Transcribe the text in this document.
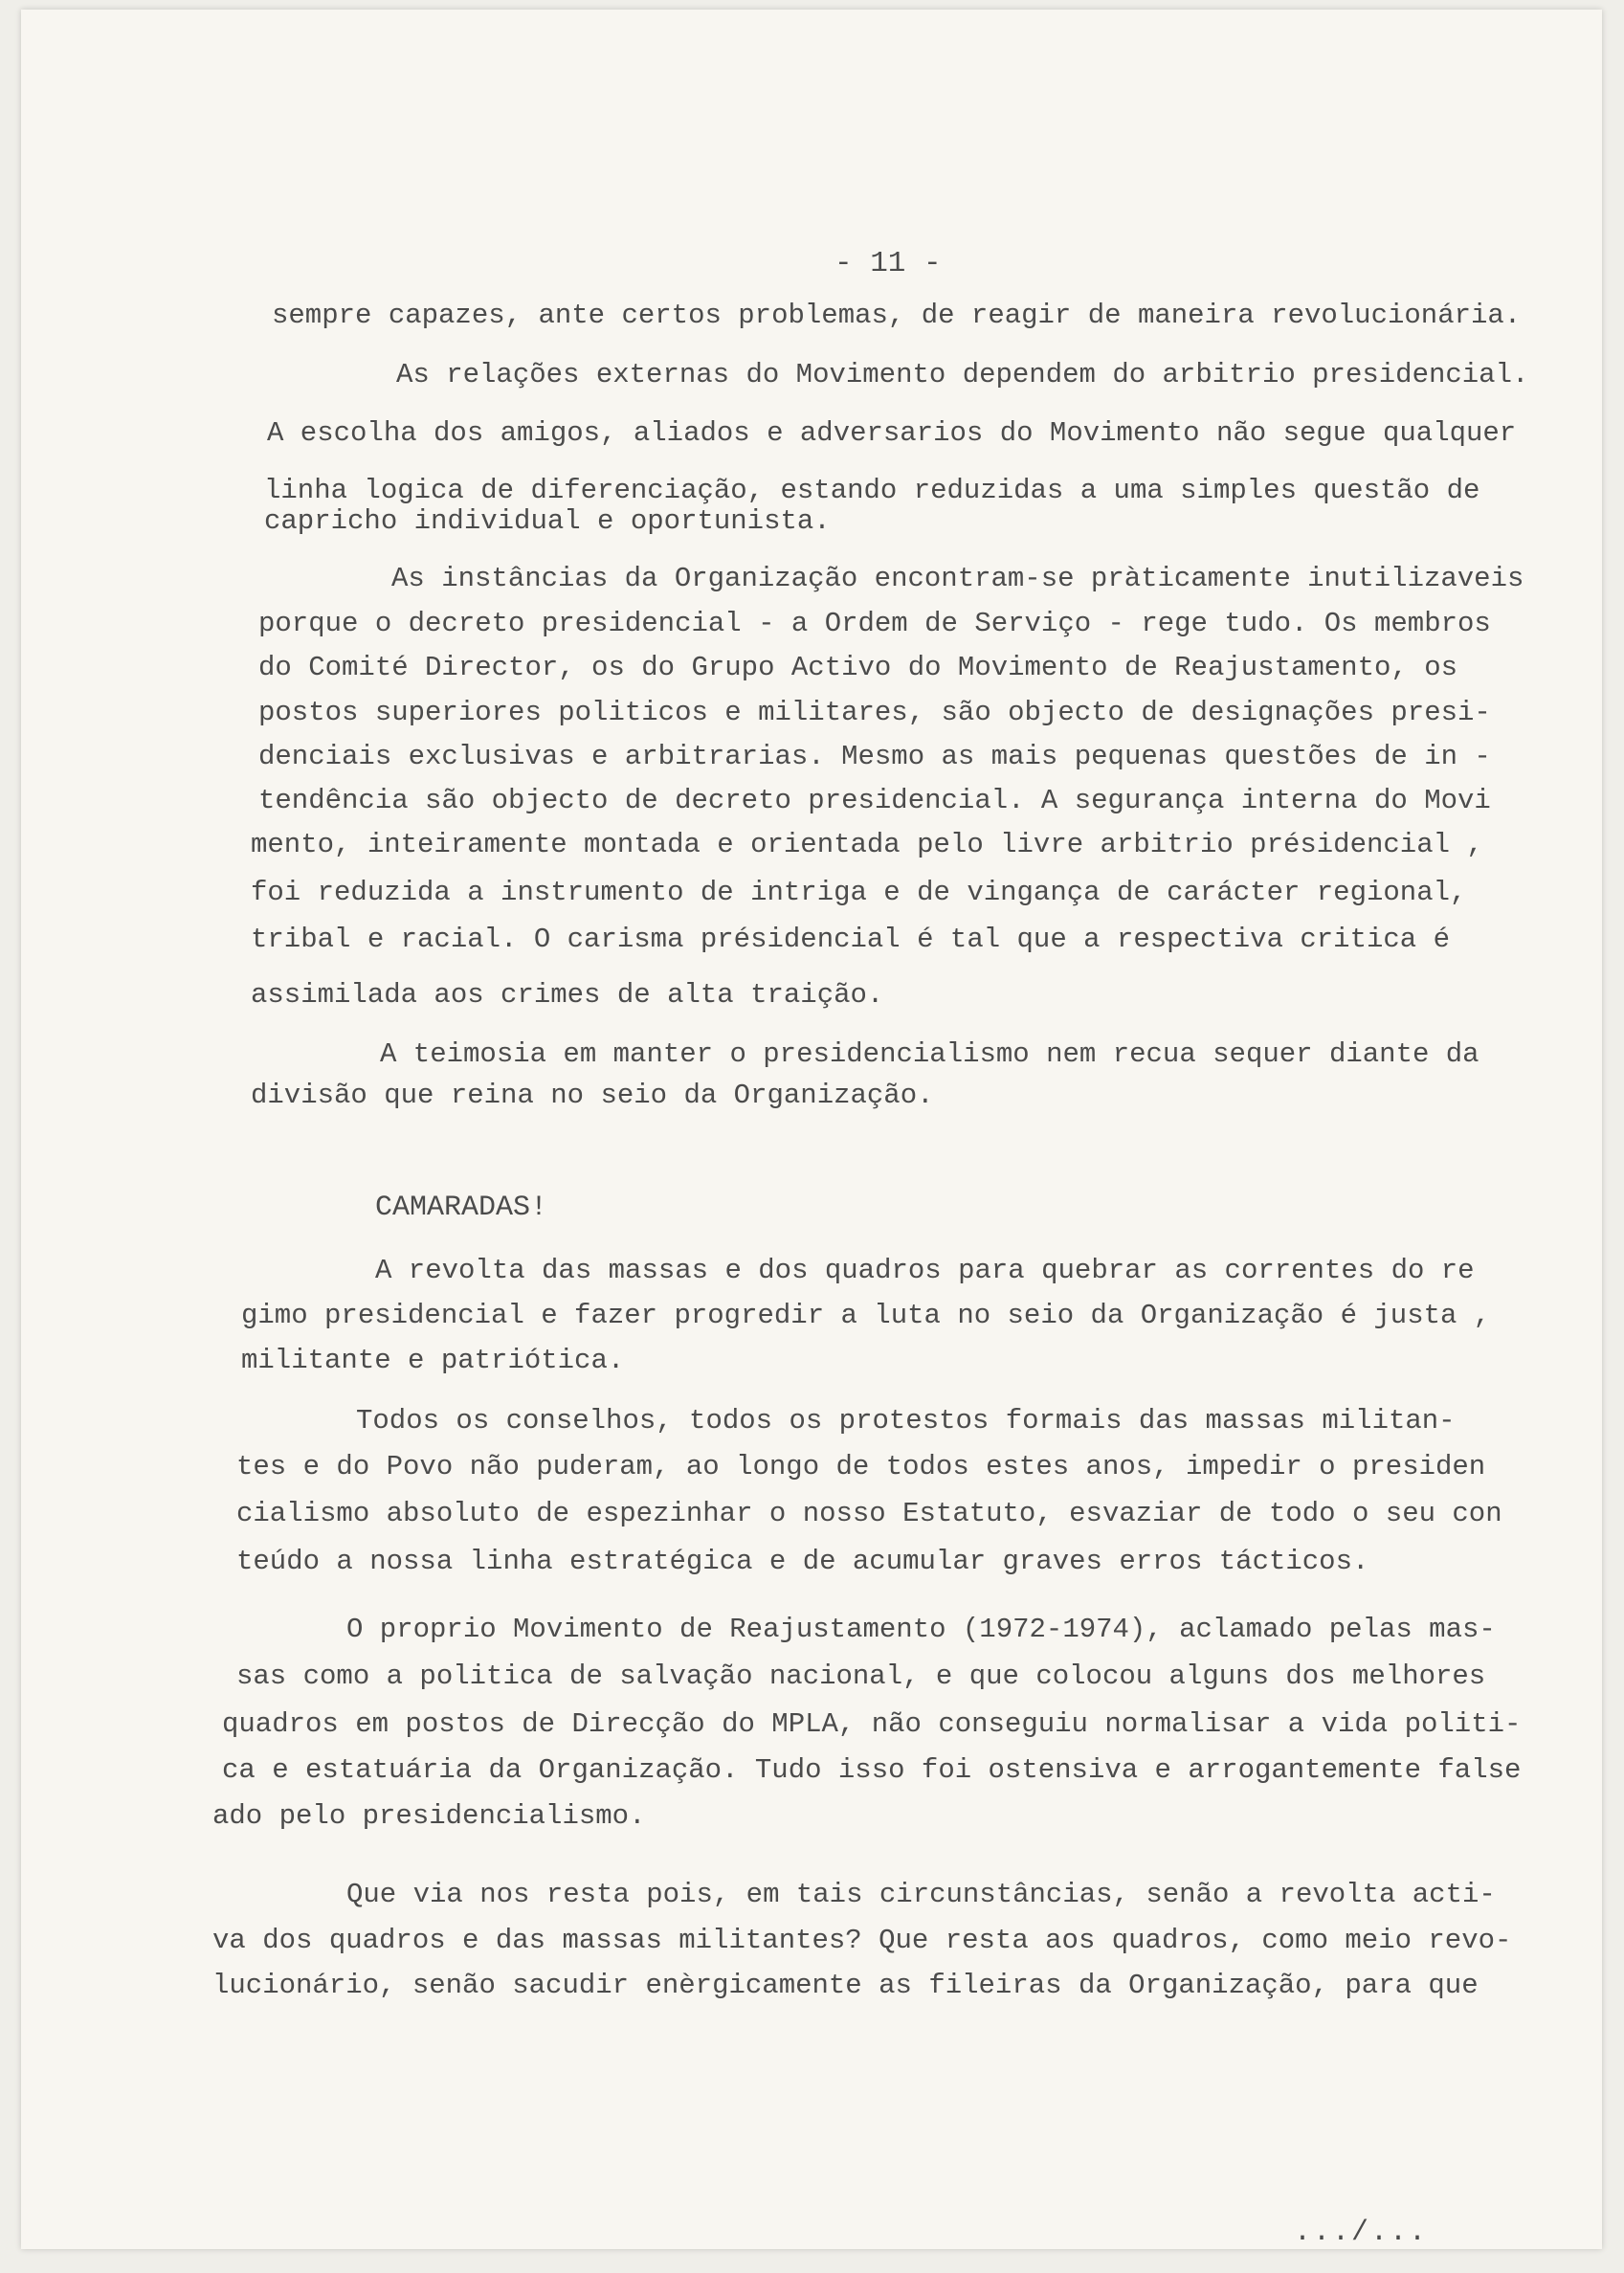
- 11 -
sempre capazes, ante certos problemas, de reagir de maneira revolucionária.
As relações externas do Movimento dependem do arbitrio presidencial.
A escolha dos amigos, aliados e adversarios do Movimento não segue qualquer
linha logica de diferenciação, estando reduzidas a uma simples questão de
capricho individual e oportunista.
As instâncias da Organização encontram-se pràticamente inutilizaveis
porque o decreto presidencial - a Ordem de Serviço - rege tudo. Os membros
do Comité Director, os do Grupo Activo do Movimento de Reajustamento, os
postos superiores politicos e militares, são objecto de designações presi-
denciais exclusivas e arbitrarias. Mesmo as mais pequenas questões de in -
tendência são objecto de decreto presidencial. A segurança interna do Movi
mento, inteiramente montada e orientada pelo livre arbitrio présidencial ,
foi reduzida a instrumento de intriga e de vingança de carácter regional,
tribal e racial. O carisma présidencial é tal que a respectiva critica é
assimilada aos crimes de alta traição.
A teimosia em manter o presidencialismo nem recua sequer diante da
divisão que reina no seio da Organização.
CAMARADAS!
A revolta das massas e dos quadros para quebrar as correntes do re
gimo presidencial e fazer progredir a luta no seio da Organização é justa ,
militante e patriótica.
Todos os conselhos, todos os protestos formais das massas militan-
tes e do Povo não puderam, ao longo de todos estes anos, impedir o presiden
cialismo absoluto de espezinhar o nosso Estatuto, esvaziar de todo o seu con
teúdo a nossa linha estratégica e de acumular graves erros tácticos.
O proprio Movimento de Reajustamento (1972-1974), aclamado pelas mas-
sas como a politica de salvação nacional, e que colocou alguns dos melhores
quadros em postos de Direcção do MPLA, não conseguiu normalisar a vida politi-
ca e estatuária da Organização. Tudo isso foi ostensiva e arrogantemente false
ado pelo presidencialismo.
Que via nos resta pois, em tais circunstâncias, senão a revolta acti-
va dos quadros e das massas militantes? Que resta aos quadros, como meio revo-
lucionário, senão sacudir enèrgicamente as fileiras da Organização, para que
.../...
